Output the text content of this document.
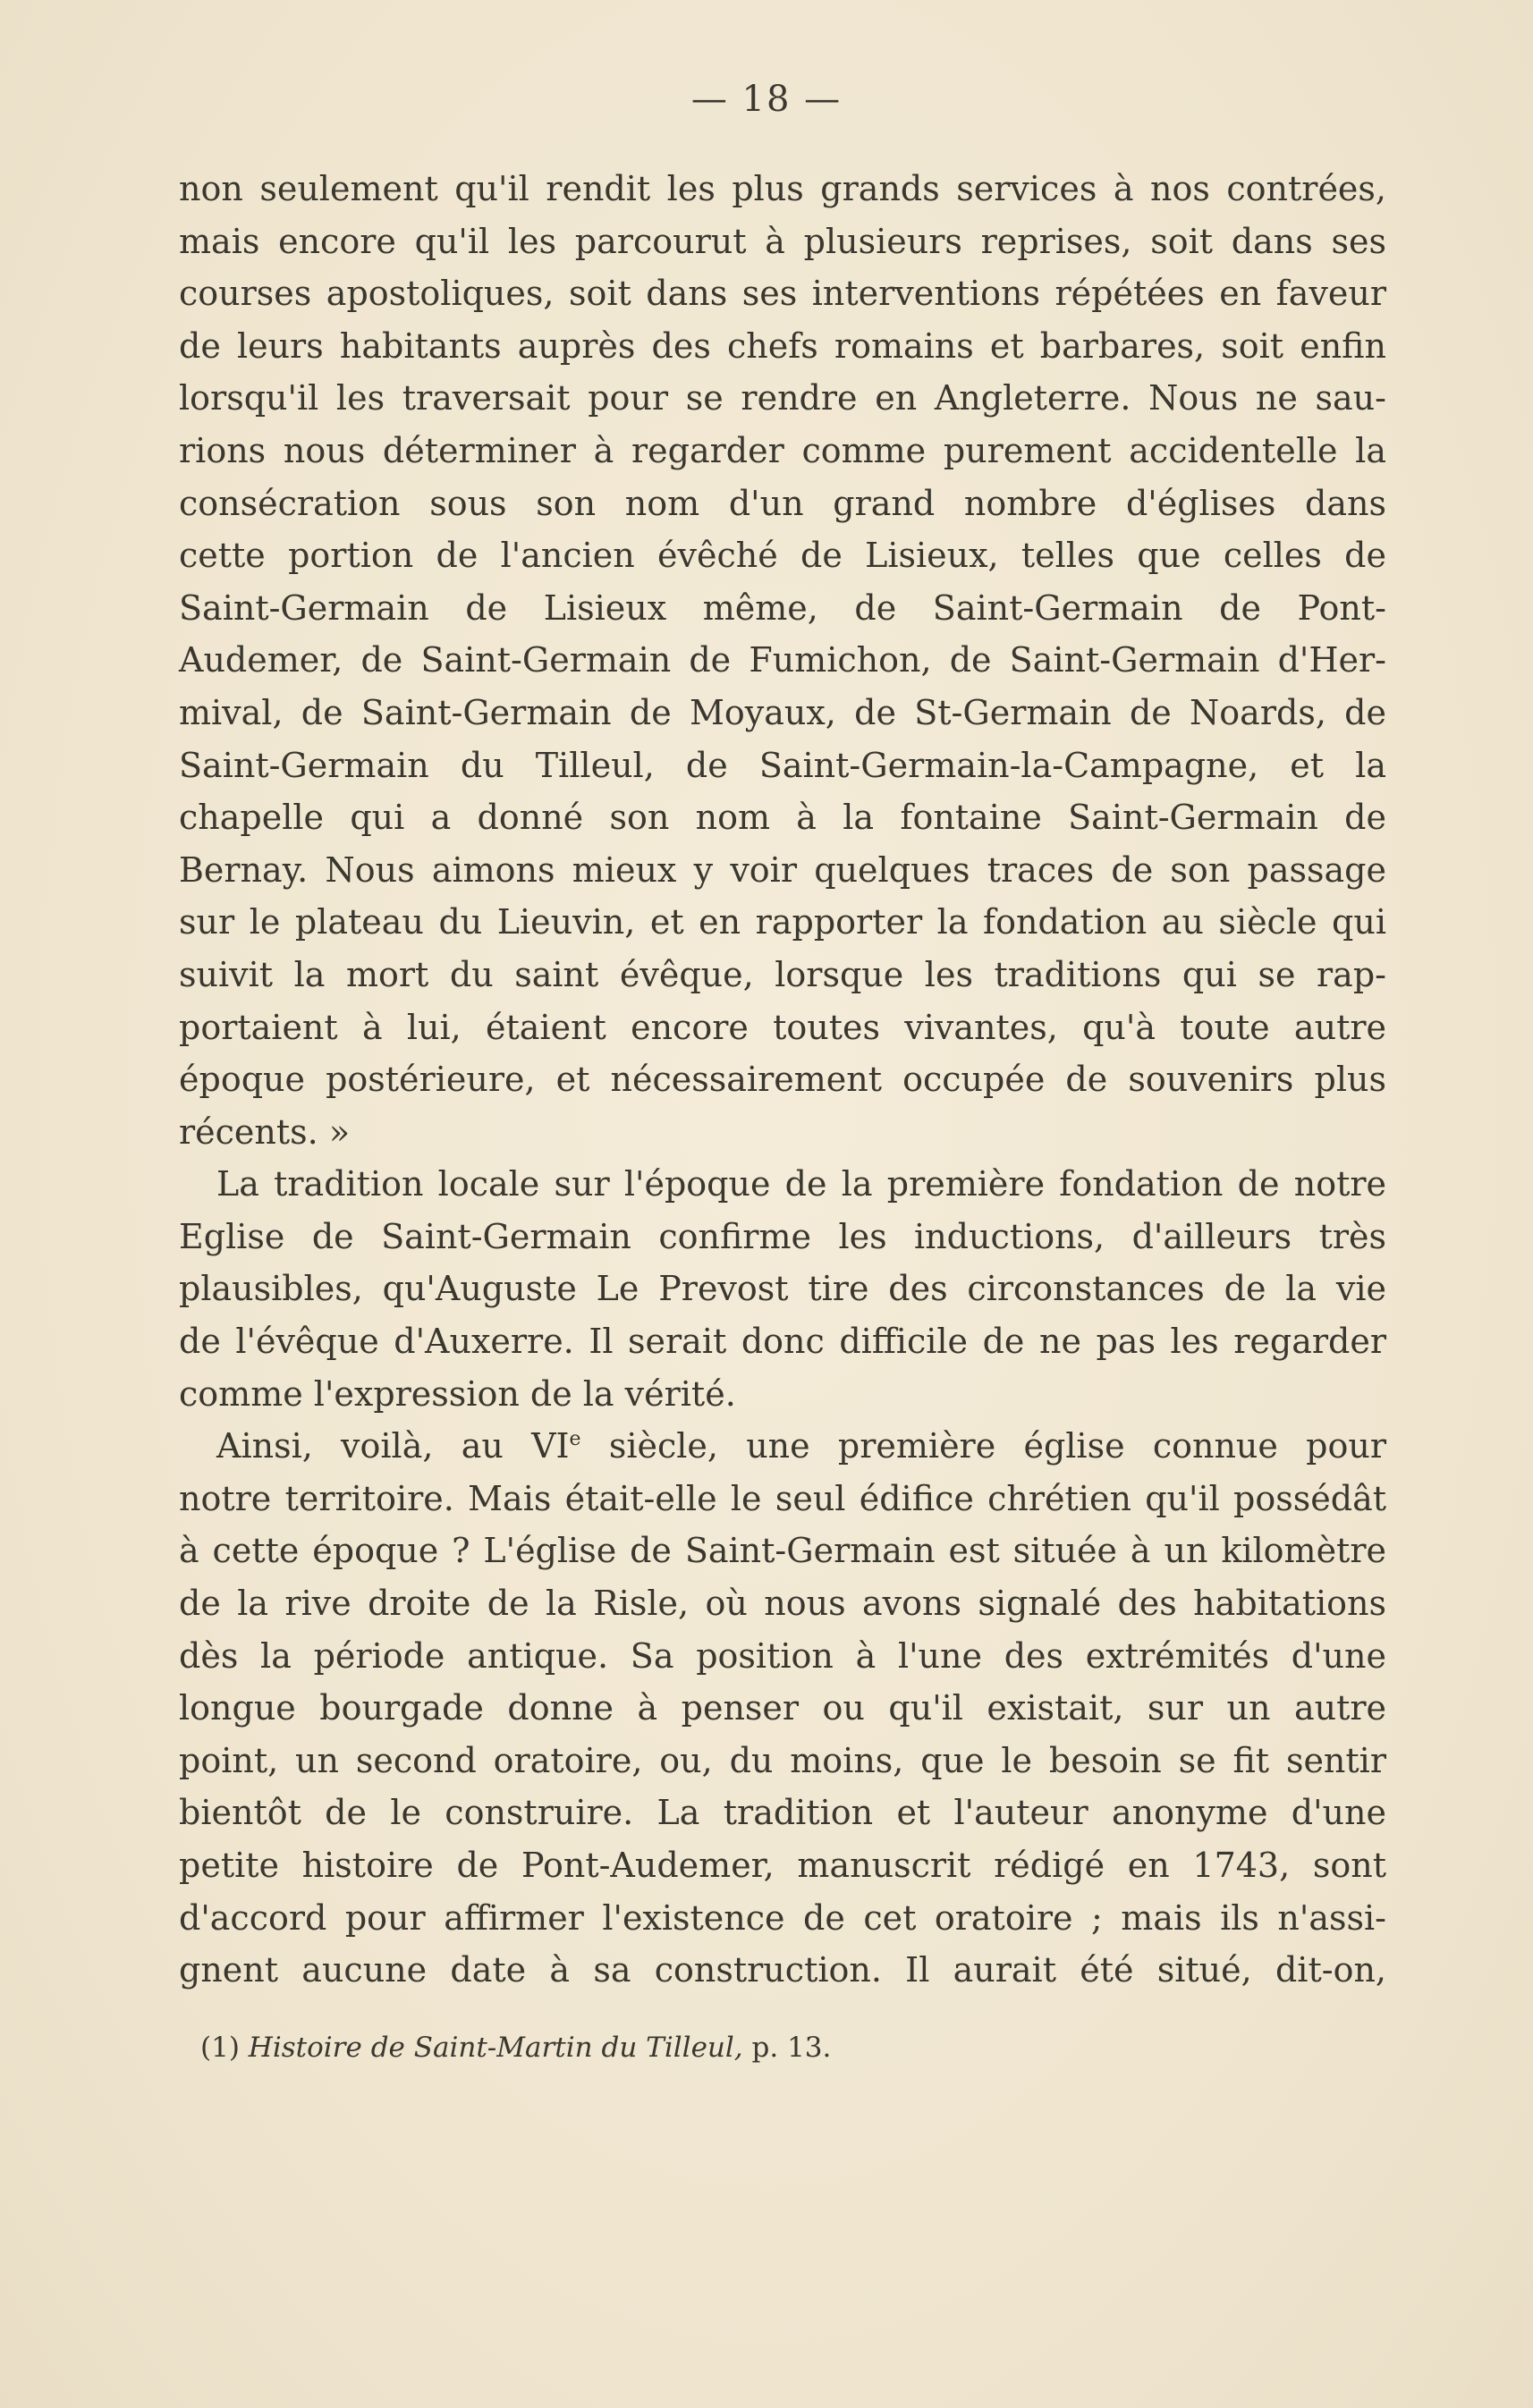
— 18 —
non seulement qu'il rendit les plus grands services à nos contrées,
mais encore qu'il les parcourut à plusieurs reprises, soit dans ses
courses apostoliques, soit dans ses interventions répétées en faveur
de leurs habitants auprès des chefs romains et barbares, soit enfin
lorsqu'il les traversait pour se rendre en Angleterre. Nous ne sau-
rions nous déterminer à regarder comme purement accidentelle la
consécration sous son nom d'un grand nombre d'églises dans
cette portion de l'ancien évêché de Lisieux, telles que celles de
Saint-Germain de Lisieux même, de Saint-Germain de Pont-
Audemer, de Saint-Germain de Fumichon, de Saint-Germain d'Her-
mival, de Saint-Germain de Moyaux, de St-Germain de Noards, de
Saint-Germain du Tilleul, de Saint-Germain-la-Campagne, et la
chapelle qui a donné son nom à la fontaine Saint-Germain de
Bernay. Nous aimons mieux y voir quelques traces de son passage
sur le plateau du Lieuvin, et en rapporter la fondation au siècle qui
suivit la mort du saint évêque, lorsque les traditions qui se rap-
portaient à lui, étaient encore toutes vivantes, qu'à toute autre
époque postérieure, et nécessairement occupée de souvenirs plus
récents. »
La tradition locale sur l'époque de la première fondation de notre
Eglise de Saint-Germain confirme les inductions, d'ailleurs très
plausibles, qu'Auguste Le Prevost tire des circonstances de la vie
de l'évêque d'Auxerre. Il serait donc difficile de ne pas les regarder
comme l'expression de la vérité.
Ainsi, voilà, au VIe siècle, une première église connue pour
notre territoire. Mais était-elle le seul édifice chrétien qu'il possédât
à cette époque ? L'église de Saint-Germain est située à un kilomètre
de la rive droite de la Risle, où nous avons signalé des habitations
dès la période antique. Sa position à l'une des extrémités d'une
longue bourgade donne à penser ou qu'il existait, sur un autre
point, un second oratoire, ou, du moins, que le besoin se fit sentir
bientôt de le construire. La tradition et l'auteur anonyme d'une
petite histoire de Pont-Audemer, manuscrit rédigé en 1743, sont
d'accord pour affirmer l'existence de cet oratoire ; mais ils n'assi-
gnent aucune date à sa construction. Il aurait été situé, dit-on,
(1) Histoire de Saint-Martin du Tilleul, p. 13.
